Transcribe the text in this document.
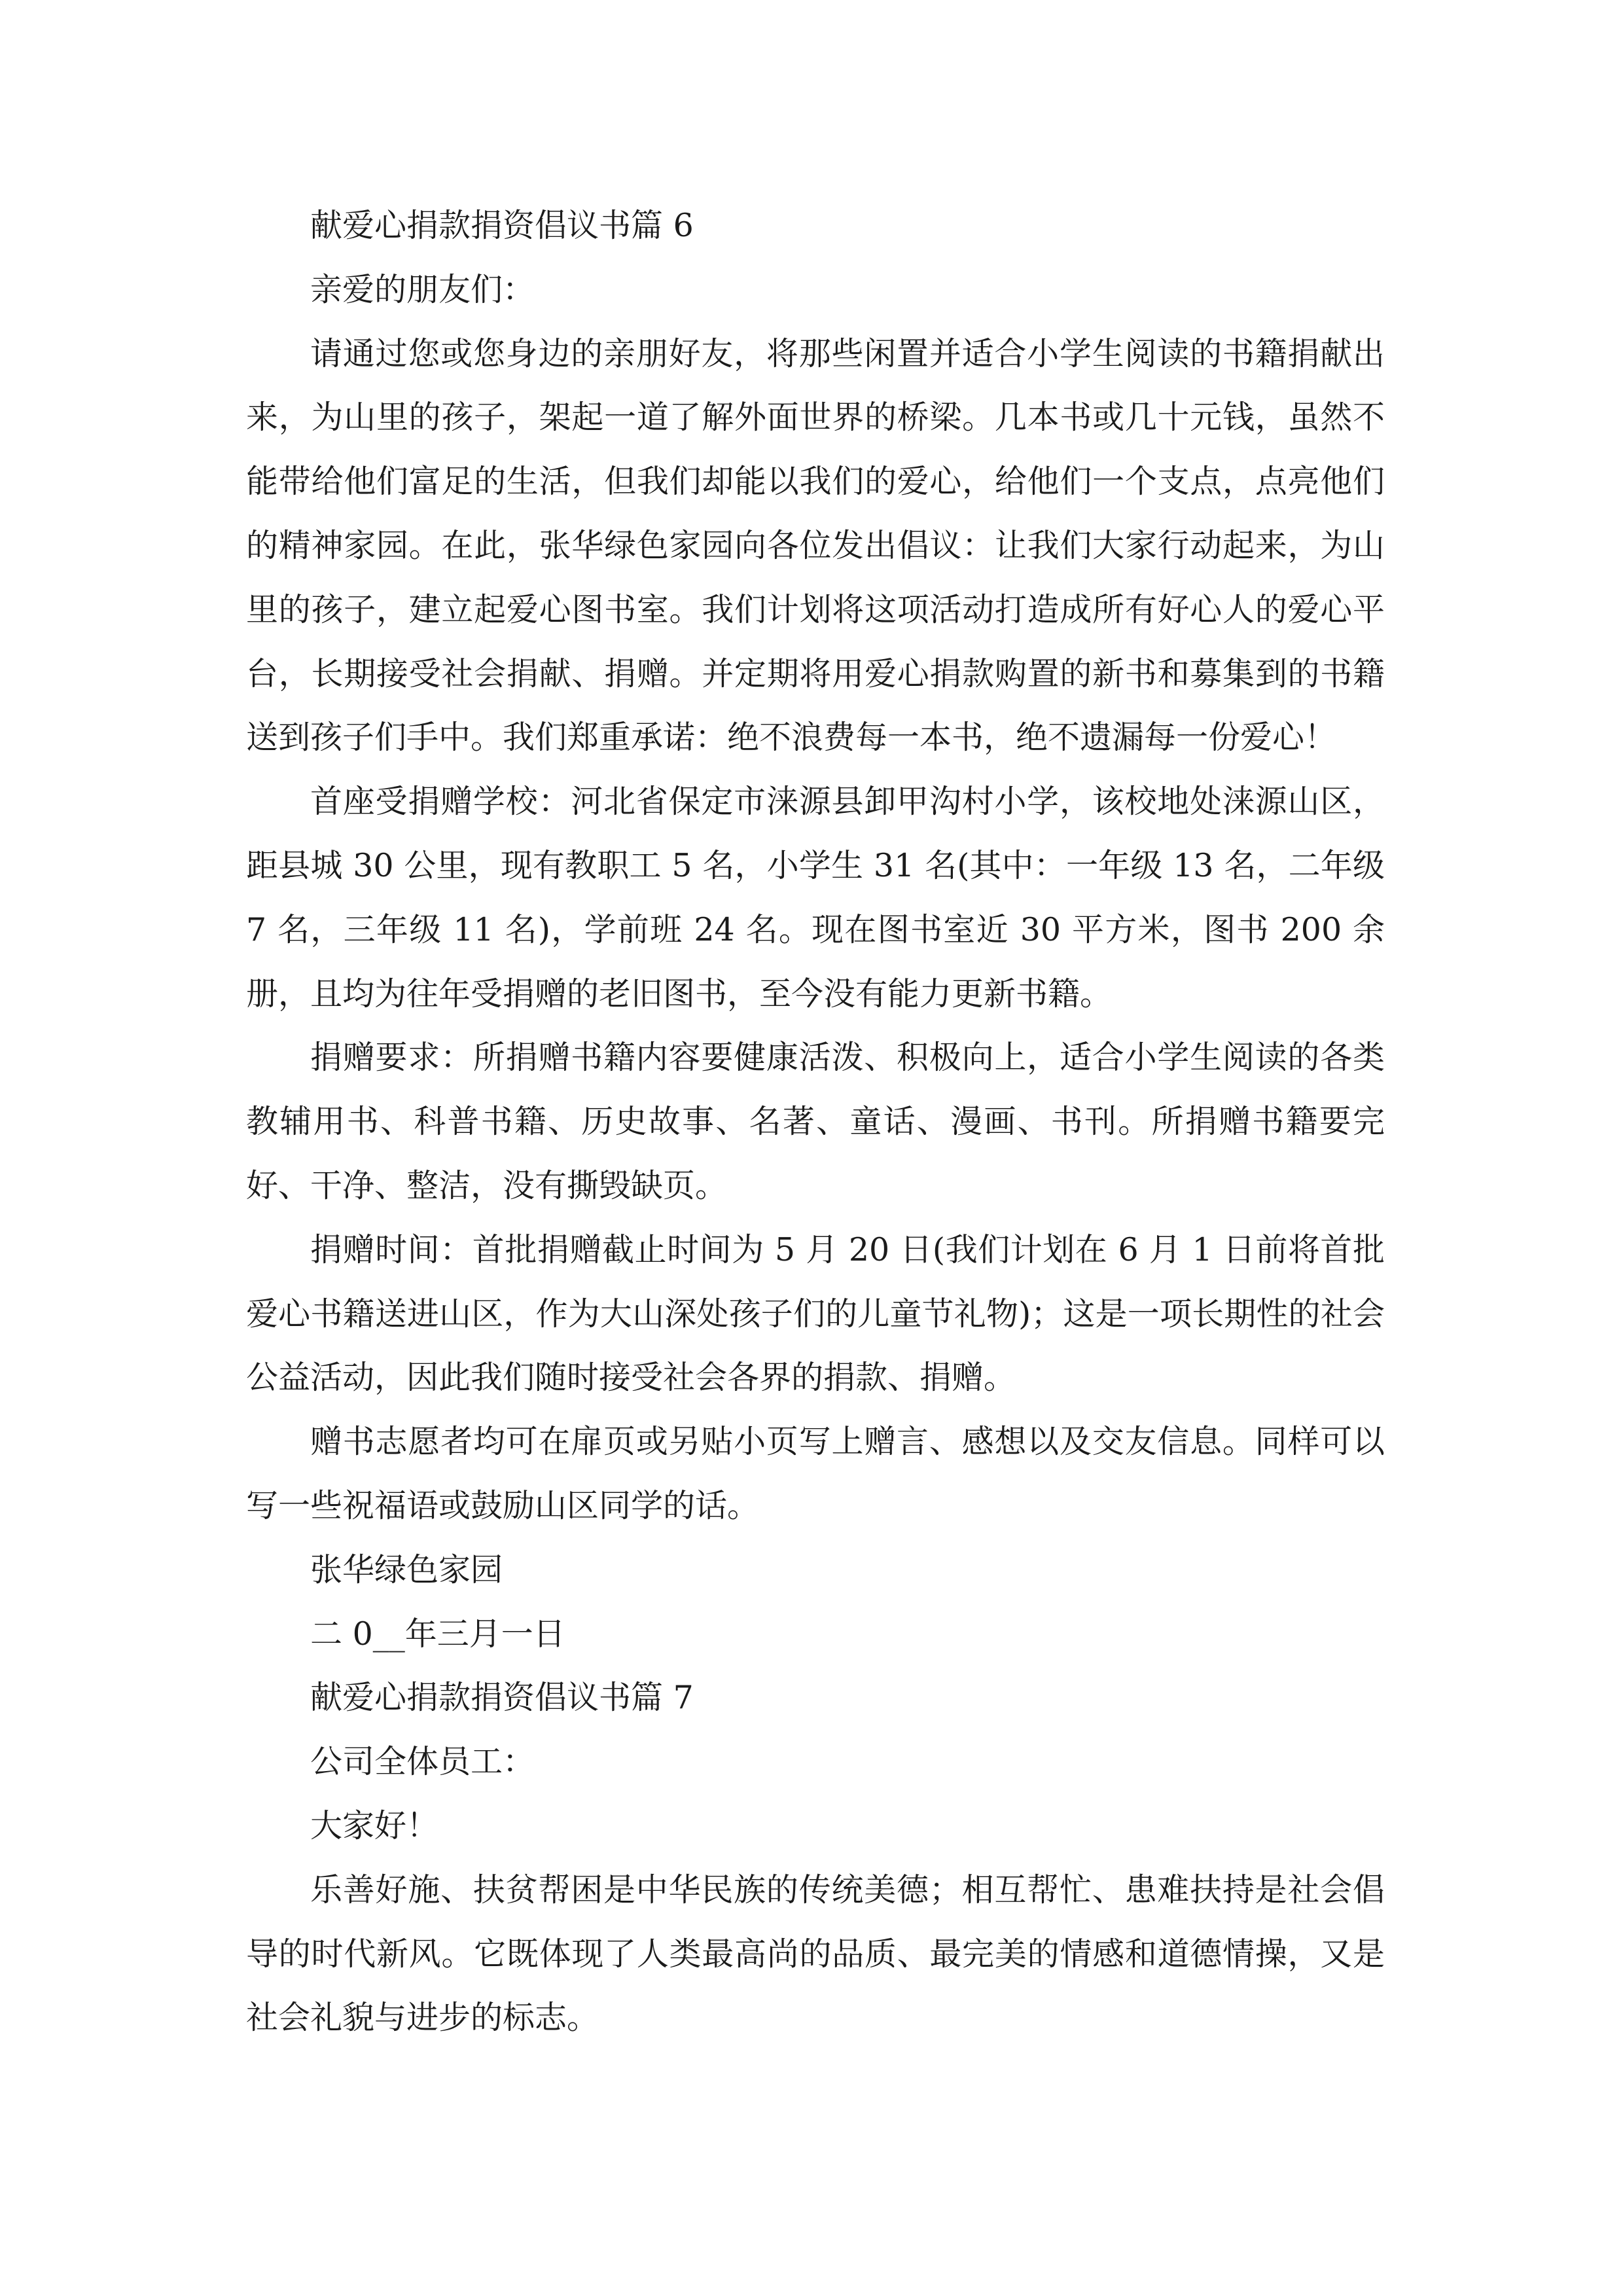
献爱心捐款捐资倡议书篇 6

亲爱的朋友们：

请通过您或您身边的亲朋好友，将那些闲置并适合小学生阅读的书籍捐献出来，为山里的孩子，架起一道了解外面世界的桥梁。几本书或几十元钱，虽然不能带给他们富足的生活，但我们却能以我们的爱心，给他们一个支点，点亮他们的精神家园。在此，张华绿色家园向各位发出倡议：让我们大家行动起来，为山里的孩子，建立起爱心图书室。我们计划将这项活动打造成所有好心人的爱心平台，长期接受社会捐献、捐赠。并定期将用爱心捐款购置的新书和募集到的书籍送到孩子们手中。我们郑重承诺：绝不浪费每一本书，绝不遗漏每一份爱心！

首座受捐赠学校：河北省保定市涞源县卸甲沟村小学，该校地处涞源山区，距县城 30 公里，现有教职工 5 名，小学生 31 名(其中：一年级 13 名，二年级 7 名，三年级 11 名)，学前班 24 名。现在图书室近 30 平方米，图书 200 余册，且均为往年受捐赠的老旧图书，至今没有能力更新书籍。

捐赠要求：所捐赠书籍内容要健康活泼、积极向上，适合小学生阅读的各类教辅用书、科普书籍、历史故事、名著、童话、漫画、书刊。所捐赠书籍要完好、干净、整洁，没有撕毁缺页。

捐赠时间：首批捐赠截止时间为 5 月 20 日(我们计划在 6 月 1 日前将首批爱心书籍送进山区，作为大山深处孩子们的儿童节礼物)；这是一项长期性的社会公益活动，因此我们随时接受社会各界的捐款、捐赠。

赠书志愿者均可在扉页或另贴小页写上赠言、感想以及交友信息。同样可以写一些祝福语或鼓励山区同学的话。

张华绿色家园

二 0__年三月一日

献爱心捐款捐资倡议书篇 7

公司全体员工：

大家好！

乐善好施、扶贫帮困是中华民族的传统美德；相互帮忙、患难扶持是社会倡导的时代新风。它既体现了人类最高尚的品质、最完美的情感和道德情操，又是社会礼貌与进步的标志。
